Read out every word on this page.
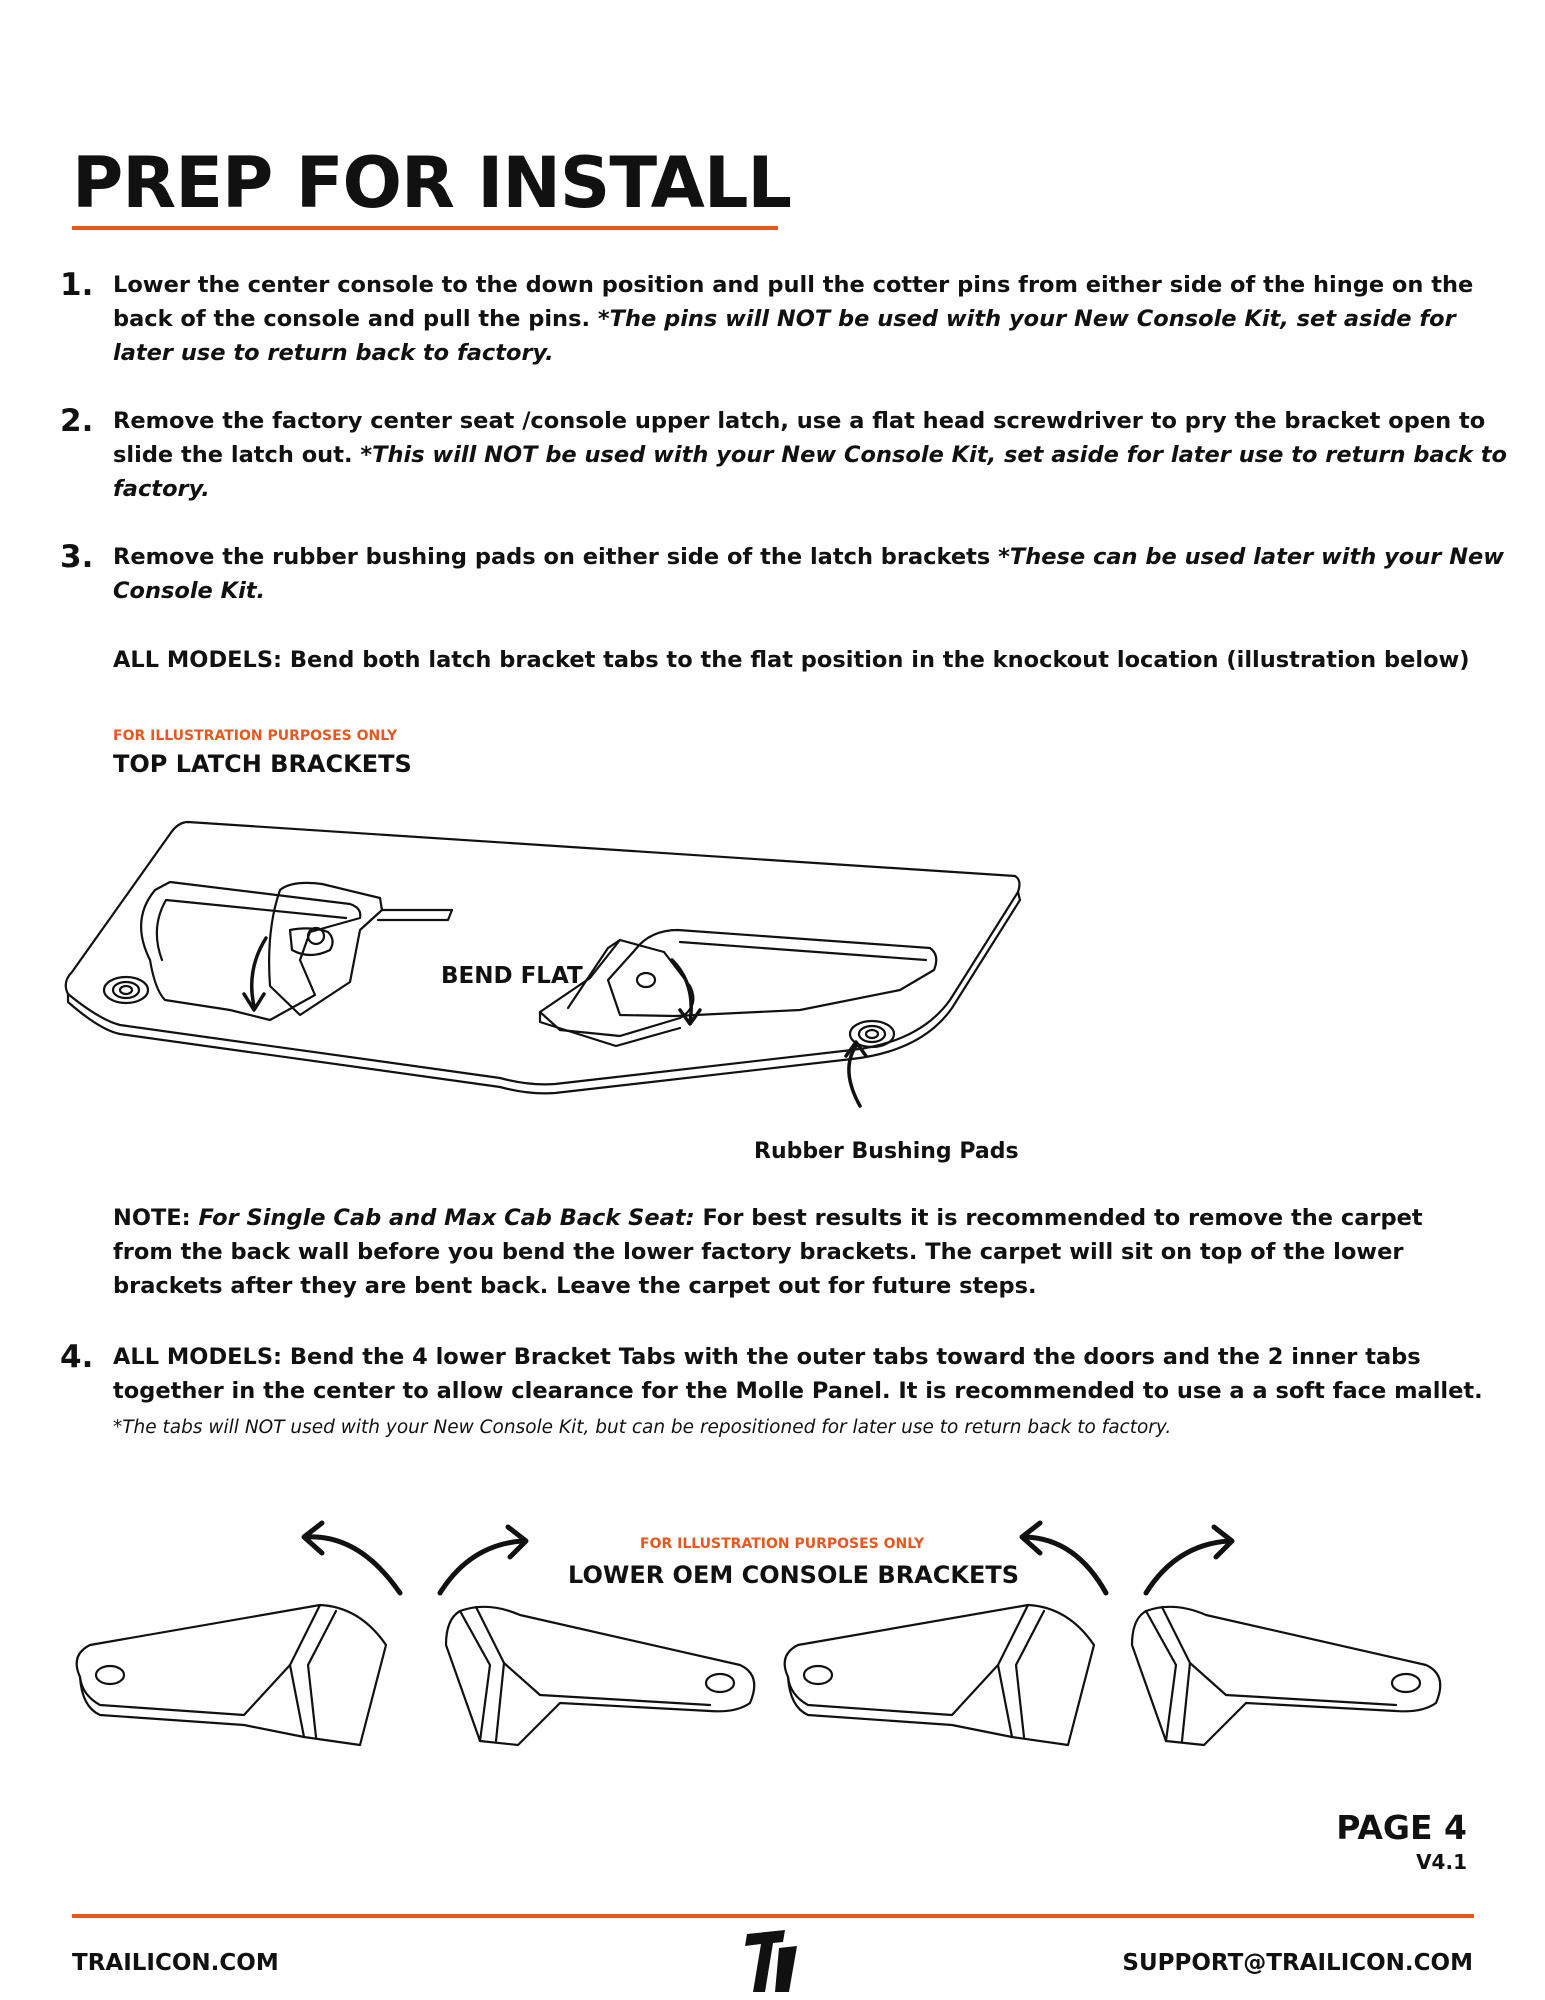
PREP FOR INSTALL
1. Lower the center console to the down position and pull the cotter pins from either side of the hinge on the back of the console and pull the pins. *The pins will NOT be used with your New Console Kit, set aside for later use to return back to factory.
2. Remove the factory center seat /console upper latch, use a flat head screwdriver to pry the bracket open to slide the latch out. *This will NOT be used with your New Console Kit, set aside for later use to return back to factory.
3. Remove the rubber bushing pads on either side of the latch brackets *These can be used later with your New Console Kit.
ALL MODELS: Bend both latch bracket tabs to the flat position in the knockout location (illustration below)
FOR ILLUSTRATION PURPOSES ONLY
TOP LATCH BRACKETS
BEND FLAT
Rubber Bushing Pads
NOTE: For Single Cab and Max Cab Back Seat: For best results it is recommended to remove the carpet from the back wall before you bend the lower factory brackets. The carpet will sit on top of the lower brackets after they are bent back. Leave the carpet out for future steps.
4. ALL MODELS: Bend the 4 lower Bracket Tabs with the outer tabs toward the doors and the 2 inner tabs together in the center to allow clearance for the Molle Panel. It is recommended to use a a soft face mallet.
*The tabs will NOT used with your New Console Kit, but can be repositioned for later use to return back to factory.
FOR ILLUSTRATION PURPOSES ONLY
LOWER OEM CONSOLE BRACKETS
PAGE 4
V4.1
TRAILICON.COM	SUPPORT@TRAILICON.COM
